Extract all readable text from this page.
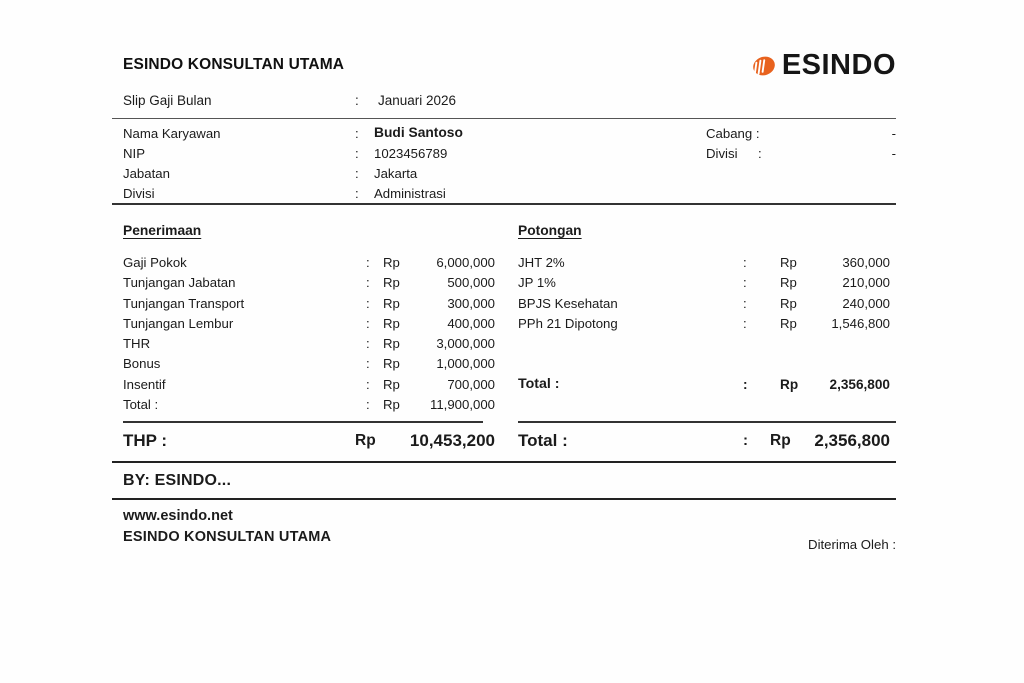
ESINDO KONSULTAN UTAMA	ESINDO
Slip Gaji Bulan	: Januari 2026
Nama Karyawan	: Budi Santoso
NIP	: 1023456789
Jabatan	: Jakarta
Divisi	: Administrasi
Cabang :	-
Divisi :	-
Penerimaan
Gaji Pokok	: Rp	6,000,000
Tunjangan Jabatan	: Rp	500,000
Tunjangan Transport	: Rp	300,000
Tunjangan Lembur	: Rp	400,000
THR	: Rp	3,000,000
Bonus	: Rp	1,000,000
Insentif	: Rp	700,000
Total :	: Rp	11,900,000
Potongan
JHT 2%	:	Rp	360,000
JP 1%	:	Rp	210,000
BPJS Kesehatan	:	Rp	240,000
PPh 21 Dipotong	:	Rp	1,546,800
Total :	: Rp	2,356,800
THP :	Rp	10,453,200 Total :	: Rp	2,356,800
BY: ESINDO...
www.esindo.net
ESINDO KONSULTAN UTAMA	Diterima Oleh :
